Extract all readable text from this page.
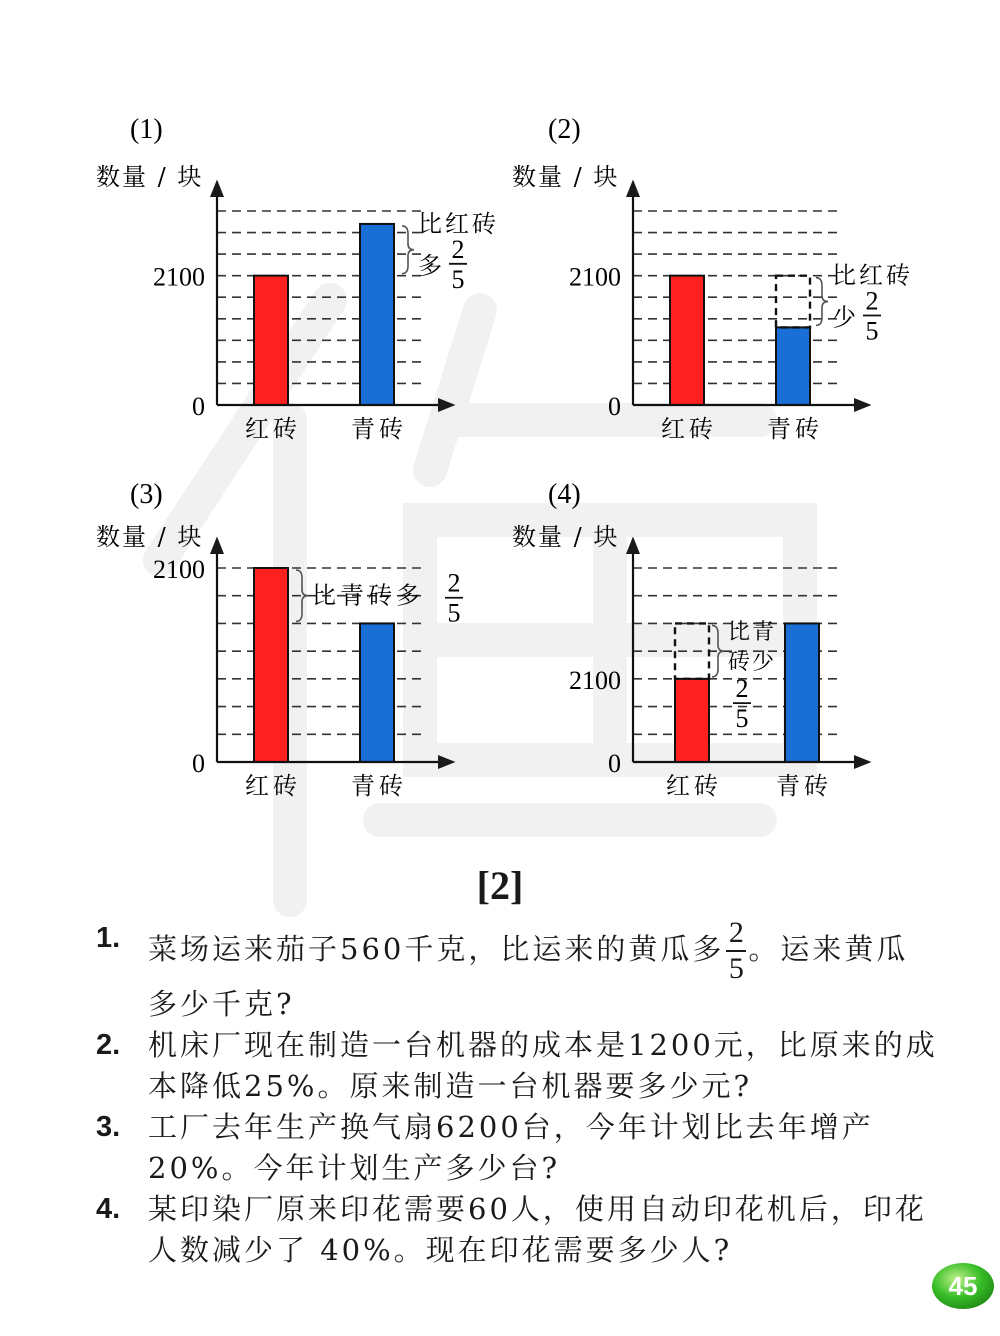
(1)
数量 / 块
0
2100
红砖 青砖
比红砖
多
2
5
(2)
数量 / 块
0
2100
红砖 青砖
比红砖
少
2
5
(3)
数量 / 块
0
2100
红砖 青砖
比青砖多 2
5
(4)
数量 / 块
0
2100
红砖 青砖
比青
砖少
2
5
[2]

1. 菜场运来茄子560千克，比运来的黄瓜多 $\frac{2}{5}$ 。运来黄瓜多少千克?

2. 机床厂现在制造一台机器的成本是1200元，比原来的成本降低25%。原来制造一台机器要多少元?

3. 工厂去年生产换气扇6200台，今年计划比去年增产 20%。今年计划生产多少台?

4. 某印染厂原来印花需要60人，使用自动印花机后，印花人数减少了 40%。现在印花需要多少人?

45
